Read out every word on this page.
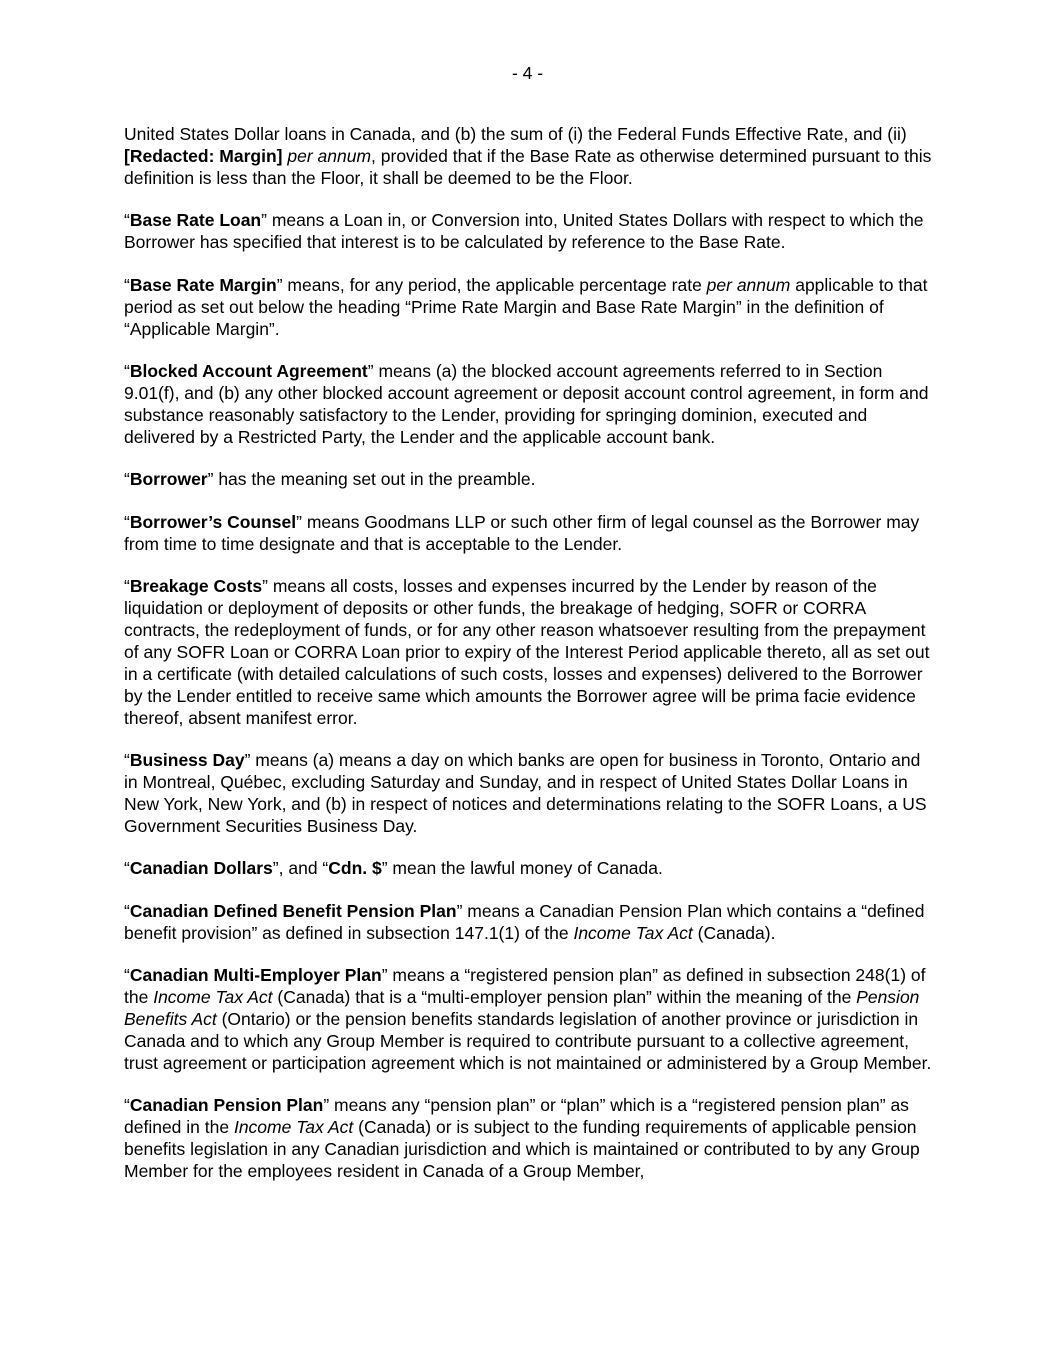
- 4 -

United States Dollar loans in Canada, and (b) the sum of (i) the Federal Funds Effective Rate, and (ii) [Redacted: Margin] per annum, provided that if the Base Rate as otherwise determined pursuant to this definition is less than the Floor, it shall be deemed to be the Floor.

“Base Rate Loan” means a Loan in, or Conversion into, United States Dollars with respect to which the Borrower has specified that interest is to be calculated by reference to the Base Rate.

“Base Rate Margin” means, for any period, the applicable percentage rate per annum applicable to that period as set out below the heading “Prime Rate Margin and Base Rate Margin” in the definition of “Applicable Margin”.

“Blocked Account Agreement” means (a) the blocked account agreements referred to in Section 9.01(f), and (b) any other blocked account agreement or deposit account control agreement, in form and substance reasonably satisfactory to the Lender, providing for springing dominion, executed and delivered by a Restricted Party, the Lender and the applicable account bank.

“Borrower” has the meaning set out in the preamble.

“Borrower’s Counsel” means Goodmans LLP or such other firm of legal counsel as the Borrower may from time to time designate and that is acceptable to the Lender.

“Breakage Costs” means all costs, losses and expenses incurred by the Lender by reason of the liquidation or deployment of deposits or other funds, the breakage of hedging, SOFR or CORRA contracts, the redeployment of funds, or for any other reason whatsoever resulting from the prepayment of any SOFR Loan or CORRA Loan prior to expiry of the Interest Period applicable thereto, all as set out in a certificate (with detailed calculations of such costs, losses and expenses) delivered to the Borrower by the Lender entitled to receive same which amounts the Borrower agree will be prima facie evidence thereof, absent manifest error.

“Business Day” means (a) means a day on which banks are open for business in Toronto, Ontario and in Montreal, Québec, excluding Saturday and Sunday, and in respect of United States Dollar Loans in New York, New York, and (b) in respect of notices and determinations relating to the SOFR Loans, a US Government Securities Business Day.

“Canadian Dollars”, and “Cdn. $” mean the lawful money of Canada.

“Canadian Defined Benefit Pension Plan” means a Canadian Pension Plan which contains a “defined benefit provision” as defined in subsection 147.1(1) of the Income Tax Act (Canada).

“Canadian Multi-Employer Plan” means a “registered pension plan” as defined in subsection 248(1) of the Income Tax Act (Canada) that is a “multi-employer pension plan” within the meaning of the Pension Benefits Act (Ontario) or the pension benefits standards legislation of another province or jurisdiction in Canada and to which any Group Member is required to contribute pursuant to a collective agreement, trust agreement or participation agreement which is not maintained or administered by a Group Member.

“Canadian Pension Plan” means any “pension plan” or “plan” which is a “registered pension plan” as defined in the Income Tax Act (Canada) or is subject to the funding requirements of applicable pension benefits legislation in any Canadian jurisdiction and which is maintained or contributed to by any Group Member for the employees resident in Canada of a Group Member,
